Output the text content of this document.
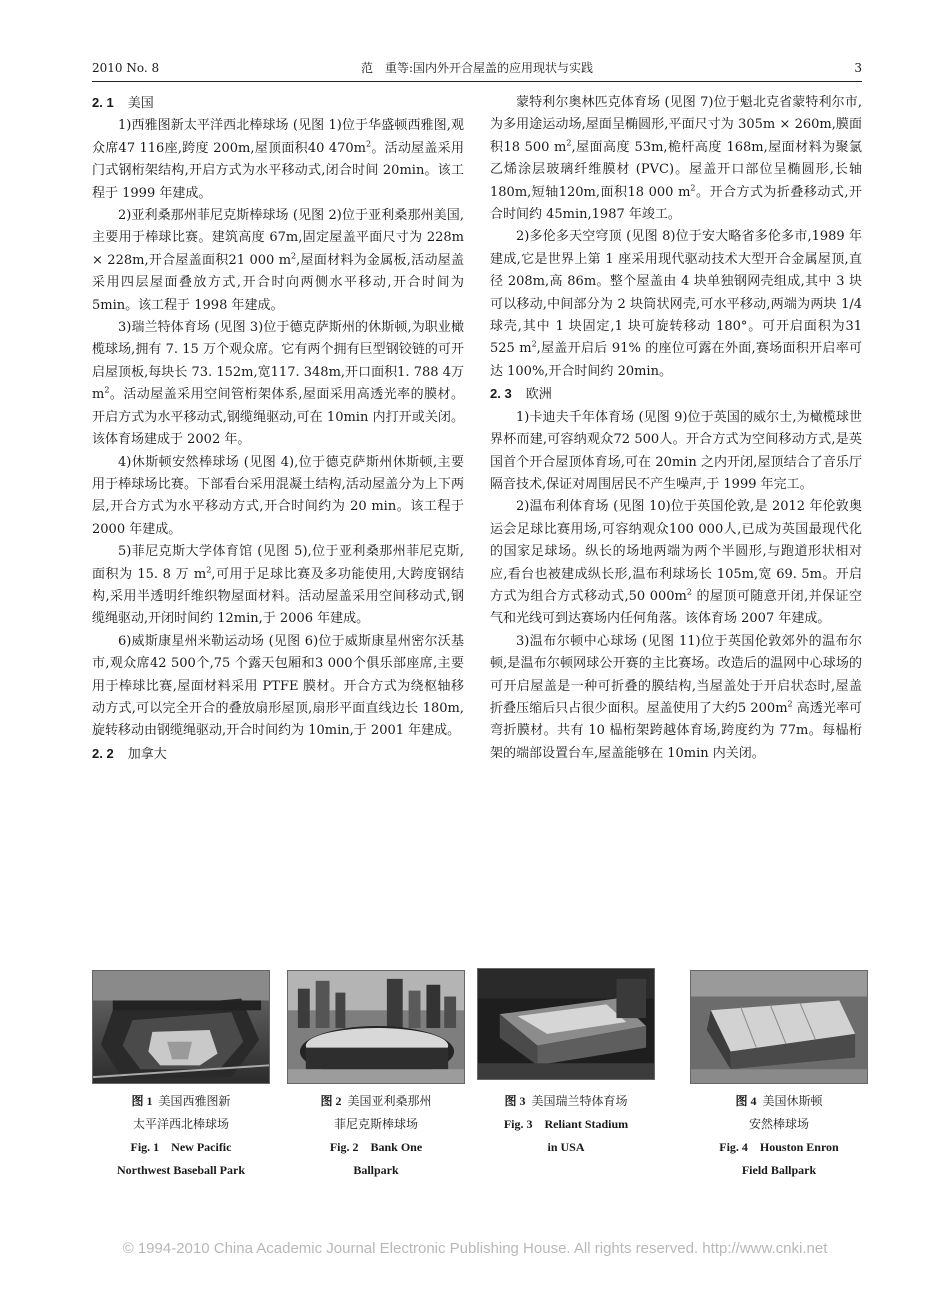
2010 No. 8	范　重等:国内外开合屋盖的应用现状与实践	3

2. 1 美国

1)西雅图新太平洋西北棒球场 (见图 1)位于华盛顿西雅图,观众席47 116座,跨度 200m,屋顶面积40 $470m^2$。活动屋盖采用门式钢桁架结构,开启方式为水平移动式,闭合时间 20min。该工程于 1999 年建成。

2)亚利桑那州菲尼克斯棒球场 (见图 2)位于亚利桑那州美国,主要用于棒球比赛。建筑高度 67m,固定屋盖平面尺寸为 228m × 228m,开合屋盖面积21 000 $m^2$,屋面材料为金属板,活动屋盖采用四层屋面叠放方式,开合时向两侧水平移动,开合时间为 5min。该工程于 1998 年建成。

3)瑞兰特体育场 (见图 3)位于德克萨斯州的休斯顿,为职业橄榄球场,拥有 7. 15 万个观众席。它有两个拥有巨型钢铰链的可开启屋顶板,每块长 73. 152m,宽117. 348m,开口面积1. 788 4万 $m^2$。活动屋盖采用空间管桁架体系,屋面采用高透光率的膜材。开启方式为水平移动式,钢缆绳驱动,可在 10min 内打开或关闭。该体育场建成于 2002 年。

4)休斯顿安然棒球场 (见图 4),位于德克萨斯州休斯顿,主要用于棒球场比赛。下部看台采用混凝土结构,活动屋盖分为上下两层,开合方式为水平移动方式,开合时间约为 20 min。该工程于 2000 年建成。

5)菲尼克斯大学体育馆 (见图 5),位于亚利桑那州菲尼克斯,面积为 15. 8 万 $m^2$,可用于足球比赛及多功能使用,大跨度钢结构,采用半透明纤维织物屋面材料。活动屋盖采用空间移动式,钢缆绳驱动,开闭时间约 12min,于 2006 年建成。

6)威斯康星州米勒运动场 (见图 6)位于威斯康星州密尔沃基市,观众席42 500个,75 个露天包厢和3 000个俱乐部座席,主要用于棒球比赛,屋面材料采用 PTFE 膜材。开合方式为绕枢轴移动方式,可以完全开合的叠放扇形屋顶,扇形平面直线边长 180m,旋转移动由钢缆绳驱动,开合时间约为 10min,于 2001 年建成。

2. 2 加拿大

蒙特利尔奥林匹克体育场 (见图 7)位于魁北克省蒙特利尔市,为多用途运动场,屋面呈椭圆形,平面尺寸为 305m × 260m,膜面积18 500 $m^2$,屋面高度 53m,桅杆高度 168m,屋面材料为聚氯乙烯涂层玻璃纤维膜材 (PVC)。屋盖开口部位呈椭圆形,长轴 180m,短轴120m,面积18 000 $m^2$。开合方式为折叠移动式,开合时间约 45min,1987 年竣工。

2)多伦多天空穹顶 (见图 8)位于安大略省多伦多市,1989 年建成,它是世界上第 1 座采用现代驱动技术大型开合金属屋顶,直径 208m,高 86m。整个屋盖由 4 块单独钢网壳组成,其中 3 块可以移动,中间部分为 2 块筒状网壳,可水平移动,两端为两块 1/4 球壳,其中 1 块固定,1 块可旋转移动 180°。可开启面积为31 525 $m^2$,屋盖开启后 91% 的座位可露在外面,赛场面积开启率可达 100%,开合时间约 20min。

2. 3 欧洲

1)卡迪夫千年体育场 (见图 9)位于英国的威尔士,为橄榄球世界杯而建,可容纳观众72 500人。开合方式为空间移动方式,是英国首个开合屋顶体育场,可在 20min 之内开闭,屋顶结合了音乐厅隔音技术,保证对周围居民不产生噪声,于 1999 年完工。

2)温布利体育场 (见图 10)位于英国伦敦,是 2012 年伦敦奥运会足球比赛用场,可容纳观众100 000人,已成为英国最现代化的国家足球场。纵长的场地两端为两个半圆形,与跑道形状相对应,看台也被建成纵长形,温布利球场长 105m,宽 69. 5m。开启方式为组合方式移动式,50 $000m^2$ 的屋顶可随意开闭,并保证空气和光线可到达赛场内任何角落。该体育场 2007 年建成。

3)温布尔顿中心球场 (见图 11)位于英国伦敦郊外的温布尔顿,是温布尔顿网球公开赛的主比赛场。改造后的温网中心球场的可开启屋盖是一种可折叠的膜结构,当屋盖处于开启状态时,屋盖折叠压缩后只占很少面积。屋盖使用了大约5 $200m^2$ 高透光率可弯折膜材。共有 10 榀桁架跨越体育场,跨度约为 77m。每榀桁架的端部设置台车,屋盖能够在 10min 内关闭。

图 1 美国西雅图新
太平洋西北棒球场
Fig. 1　New Pacific
Northwest Baseball Park
图 2 美国亚利桑那州
菲尼克斯棒球场
Fig. 2　Bank One
Ballpark
图 3 美国瑞兰特体育场
Fig. 3　Reliant Stadium
in USA
图 4 美国休斯顿
安然棒球场
Fig. 4　Houston Enron
Field Ballpark
© 1994-2010 China Academic Journal Electronic Publishing House. All rights reserved. http://www.cnki.net
